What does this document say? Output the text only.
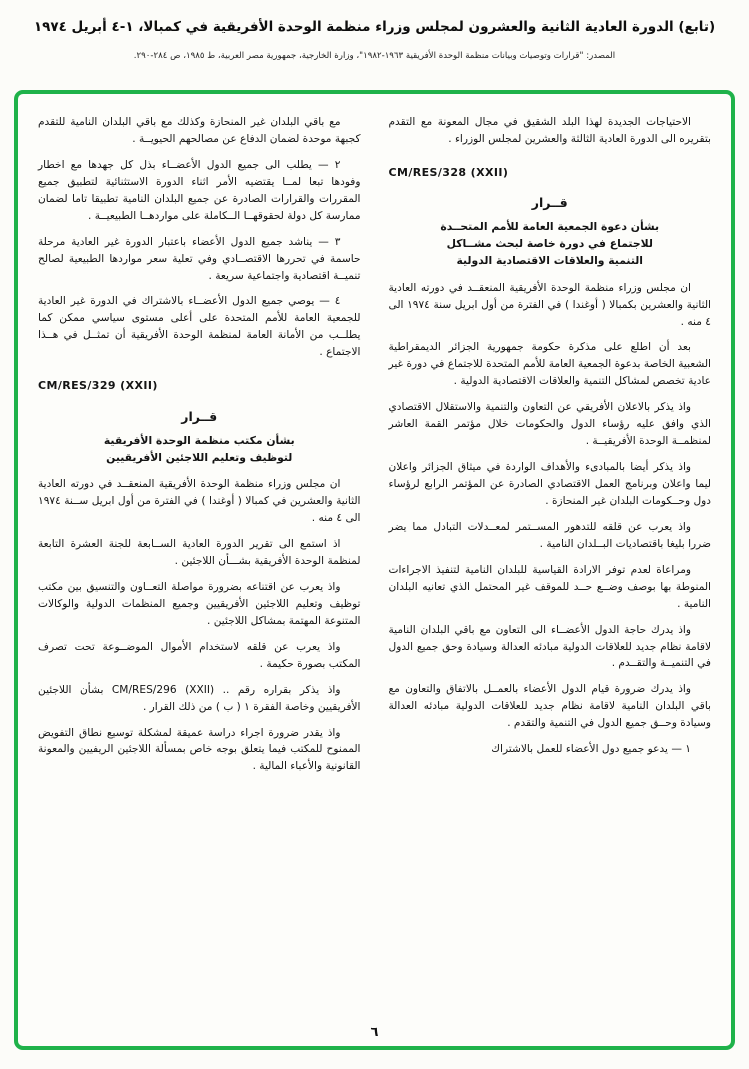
(تابع) الدورة العادية الثانية والعشرون لمجلس وزراء منظمة الوحدة الأفريقية في كمبالا، ١-٤ أبريل ١٩٧٤
المصدر: "قرارات وتوصيات وبيانات منظمة الوحدة الأفريقية ١٩٦٣-١٩٨٢"، وزارة الخارجية، جمهورية مصر العربية، ط ١٩٨٥، ص ٢٨٤-٢٩٠.
الاحتياجات الجديدة لهذا البلد الشقيق في مجال المعونة مع التقدم بتقريره الى الدورة العادية الثالثة والعشرين لمجلس الوزراء .
CM/RES/328 (XXII)
قــرار
بشأن دعوة الجمعية العامة للأمم المتحــدة
للاجتماع في دورة خاصة لبحث مشــاكل
التنمية والعلاقات الاقتصادية الدولية
ان مجلس وزراء منظمة الوحدة الأفريقية المنعقــد في دورته العادية الثانية والعشرين بكمبالا ( أوغندا ) في الفترة من أول ابريل سنة ١٩٧٤ الى ٤ منه .
بعد أن اطلع على مذكرة حكومة جمهورية الجزائر الديمقراطية الشعبية الخاصة بدعوة الجمعية العامة للأمم المتحدة للاجتماع في دورة غير عادية تخصص لمشاكل التنمية والعلاقات الاقتصادية الدولية .
واذ يذكر بالاعلان الأفريقي عن التعاون والتنمية والاستقلال الاقتصادي الذي وافق عليه رؤساء الدول والحكومات خلال مؤتمر القمة العاشر لمنظمــة الوحدة الأفريقيــة .
واذ يذكر أيضا بالمبادىء والأهداف الواردة في ميثاق الجزائر واعلان ليما واعلان وبرنامج العمل الاقتصادي الصادرة عن المؤتمر الرابع لرؤساء دول وحــكومات البلدان غير المنحازة .
واذ يعرب عن قلقه للتدهور المســتمر لمعــدلات التبادل مما يضر ضررا بليغا باقتصاديات البــلدان النامية .
ومراعاة لعدم توفر الارادة القياسية للبلدان النامية لتنفيذ الاجراءات المنوطة بها بوصف وضــع حــد للموقف غير المحتمل الذي تعانيه البلدان النامية .
واذ يدرك حاجة الدول الأعضــاء الى التعاون مع باقي البلدان النامية لاقامة نظام جديد للعلاقات الدولية مبادئه العدالة وسيادة وحق جميع الدول في التنميــة والتقــدم .
واذ يدرك ضرورة قيام الدول الأعضاء بالعمــل بالاتفاق والتعاون مع باقي البلدان النامية لاقامة نظام جديد للعلاقات الدولية مبادئه العدالة وسيادة وحــق جميع الدول في التنمية والتقدم .
١ — يدعو جميع دول الأعضاء للعمل بالاشتراك
مع باقي البلدان غير المنحازة وكذلك مع باقي البلدان النامية للتقدم كجبهة موحدة لضمان الدفاع عن مصالحهم الحيويــة .
٢ — يطلب الى جميع الدول الأعضــاء بذل كل جهدها مع اخطار وفودها تبعا لمــا يقتضيه الأمر اثناء الدورة الاستثنائية لتطبيق جميع المقررات والقرارات الصادرة عن جميع البلدان النامية تطبيقا تاما لضمان ممارسة كل دولة لحقوقهــا الــكاملة على مواردهــا الطبيعيــة .
٣ — يناشد جميع الدول الأعضاء باعتبار الدورة غير العادية مرحلة حاسمة في تحررها الاقتصــادي وفي تعلية سعر مواردها الطبيعية لصالح تنميــة اقتصادية واجتماعية سريعة .
٤ — يوصي جميع الدول الأعضــاء بالاشتراك في الدورة غير العادية للجمعية العامة للأمم المتحدة على أعلى مستوى سياسي ممكن كما يطلــب من الأمانة العامة لمنظمة الوحدة الأفريقية أن تمثــل في هــذا الاجتماع .
CM/RES/329 (XXII)
قــرار
بشأن مكتب منظمة الوحدة الأفريقية
لتوظيف وتعليم اللاجئين الأفريقيين
ان مجلس وزراء منظمة الوحدة الأفريقية المنعقــد في دورته العادية الثانية والعشرين في كمبالا ( أوغندا ) في الفترة من أول ابريل ســنة ١٩٧٤ الى ٤ منه .
اذ استمع الى تقرير الدورة العادية الســابعة للجنة العشرة التابعة لمنظمة الوحدة الأفريقية بشـــأن اللاجئين .
واذ يعرب عن اقتناعه بضرورة مواصلة التعــاون والتنسيق بين مكتب توظيف وتعليم اللاجئين الأفريقيين وجميع المنظمات الدولية والوكالات المتنوعة المهتمة بمشاكل اللاجئين .
واذ يعرب عن قلقه لاستخدام الأموال الموضــوعة تحت تصرف المكتب بصورة حكيمة .
واذ يذكر بقراره رقم .. CM/RES/296 (XXII) بشأن اللاجئين الأفريقيين وخاصة الفقرة ١ ( ب ) من ذلك القرار .
واذ يقدر ضرورة اجراء دراسة عميقة لمشكلة توسيع نطاق التفويض الممنوح للمكتب فيما يتعلق بوجه خاص بمسألة اللاجئين الريفيين والمعونة القانونية والأعباء المالية .
٦
